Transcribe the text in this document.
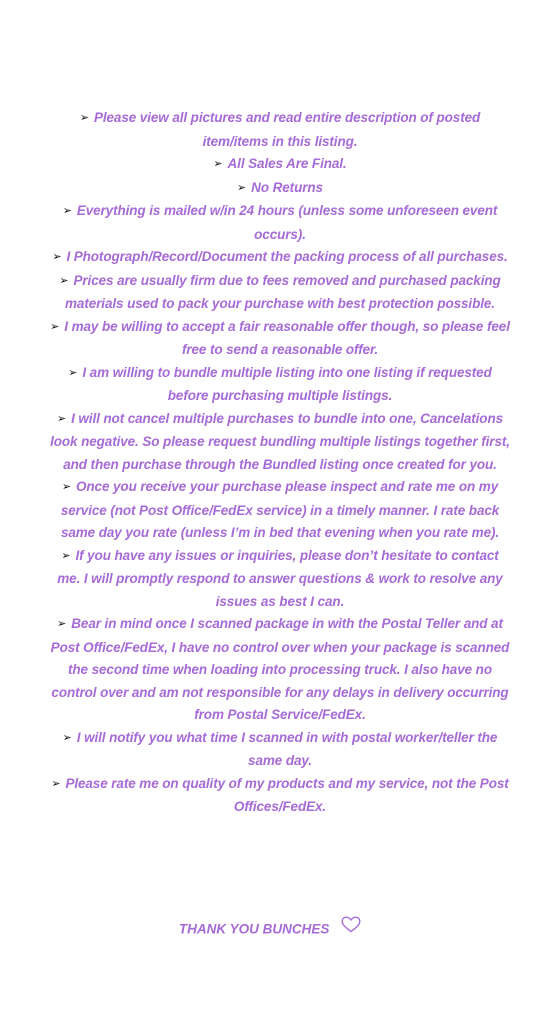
➢ Please view all pictures and read entire description of posted item/items in this listing.
➢ All Sales Are Final.
➢ No Returns
➢ Everything is mailed w/in 24 hours (unless some unforeseen event occurs).
➢ I Photograph/Record/Document the packing process of all purchases.
➢ Prices are usually firm due to fees removed and purchased packing materials used to pack your purchase with best protection possible.
➢ I may be willing to accept a fair reasonable offer though, so please feel free to send a reasonable offer.
➢ I am willing to bundle multiple listing into one listing if requested before purchasing multiple listings.
➢ I will not cancel multiple purchases to bundle into one, Cancelations look negative. So please request bundling multiple listings together first, and then purchase through the Bundled listing once created for you.
➢ Once you receive your purchase please inspect and rate me on my service (not Post Office/FedEx service) in a timely manner. I rate back same day you rate (unless I’m in bed that evening when you rate me).
➢ If you have any issues or inquiries, please don’t hesitate to contact me. I will promptly respond to answer questions & work to resolve any issues as best I can.
➢ Bear in mind once I scanned package in with the Postal Teller and at Post Office/FedEx, I have no control over when your package is scanned the second time when loading into processing truck. I also have no control over and am not responsible for any delays in delivery occurring from Postal Service/FedEx.
➢ I will notify you what time I scanned in with postal worker/teller the same day.
➢ Please rate me on quality of my products and my service, not the Post Offices/FedEx.
THANK YOU BUNCHES
